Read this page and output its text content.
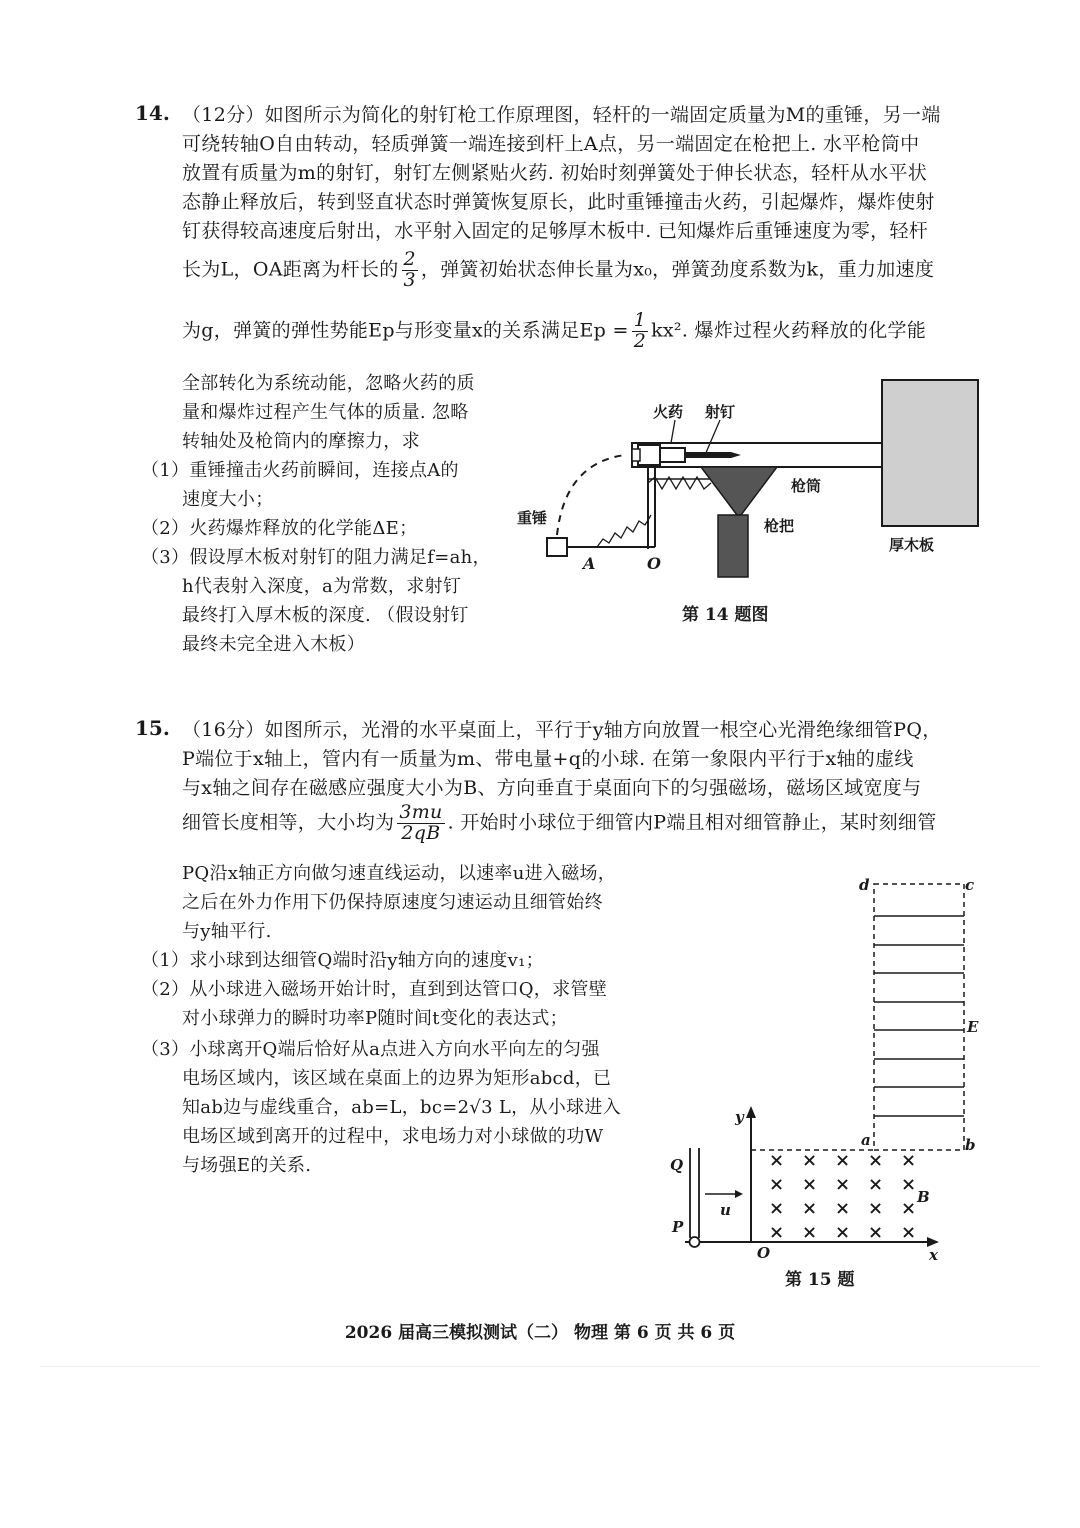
14. （12分）如图所示为简化的射钉枪工作原理图，轻杆的一端固定质量为M的重锤，另一端
可绕转轴O自由转动，轻质弹簧一端连接到杆上A点，另一端固定在枪把上. 水平枪筒中
放置有质量为m的射钉，射钉左侧紧贴火药. 初始时刻弹簧处于伸长状态，轻杆从水平状
态静止释放后，转到竖直状态时弹簧恢复原长，此时重锤撞击火药，引起爆炸，爆炸使射
钉获得较高速度后射出，水平射入固定的足够厚木板中. 已知爆炸后重锤速度为零，轻杆
长为L，OA距离为杆长的 $\frac{2}{3}$ ，弹簧初始状态伸长量为x₀，弹簧劲度系数为k，重力加速度
为g，弹簧的弹性势能Ep与形变量x的关系满足$Ep = \frac{1}{2} kx^2$. 爆炸过程火药释放的化学能
全部转化为系统动能，忽略火药的质
量和爆炸过程产生气体的质量. 忽略
转轴处及枪筒内的摩擦力，求
（1）重锤撞击火药前瞬间，连接点A的
速度大小；
（2）火药爆炸释放的化学能ΔE；
（3）假设厚木板对射钉的阻力满足f=ah，
h代表射入深度，a为常数，求射钉
最终打入厚木板的深度. （假设射钉
最终未完全进入木板）
火药 射钉
枪筒
枪把
重锤
厚木板
A	O
第 14 题图
15. （16分）如图所示，光滑的水平桌面上，平行于y轴方向放置一根空心光滑绝缘细管PQ，
P端位于x轴上，管内有一质量为m、带电量+q的小球. 在第一象限内平行于x轴的虚线
与x轴之间存在磁感应强度大小为B、方向垂直于桌面向下的匀强磁场，磁场区域宽度与
细管长度相等，大小均为 $\frac{3mu}{2qB}$ . 开始时小球位于细管内P端且相对细管静止，某时刻细管
PQ沿x轴正方向做匀速直线运动，以速率u进入磁场，
之后在外力作用下仍保持原速度匀速运动且细管始终
与y轴平行.
（1）求小球到达细管Q端时沿y轴方向的速度v₁；
（2）从小球进入磁场开始计时，直到到达管口Q，求管壁
对小球弹力的瞬时功率P随时间t变化的表达式；
（3）小球离开Q端后恰好从a点进入方向水平向左的匀强
电场区域内，该区域在桌面上的边界为矩形abcd，已
知ab边与虚线重合，ab=L，bc=2√3 L，从小球进入
电场区域到离开的过程中，求电场力对小球做的功W
与场强E的关系.	× × × × ×
× × × × ×
× × × × ×
× × × × ×
d	c
E
a	b
y
x
O
Q
P
u
B
第 15 题
2026 届高三模拟测试（二） 物理 第 6 页 共 6 页
